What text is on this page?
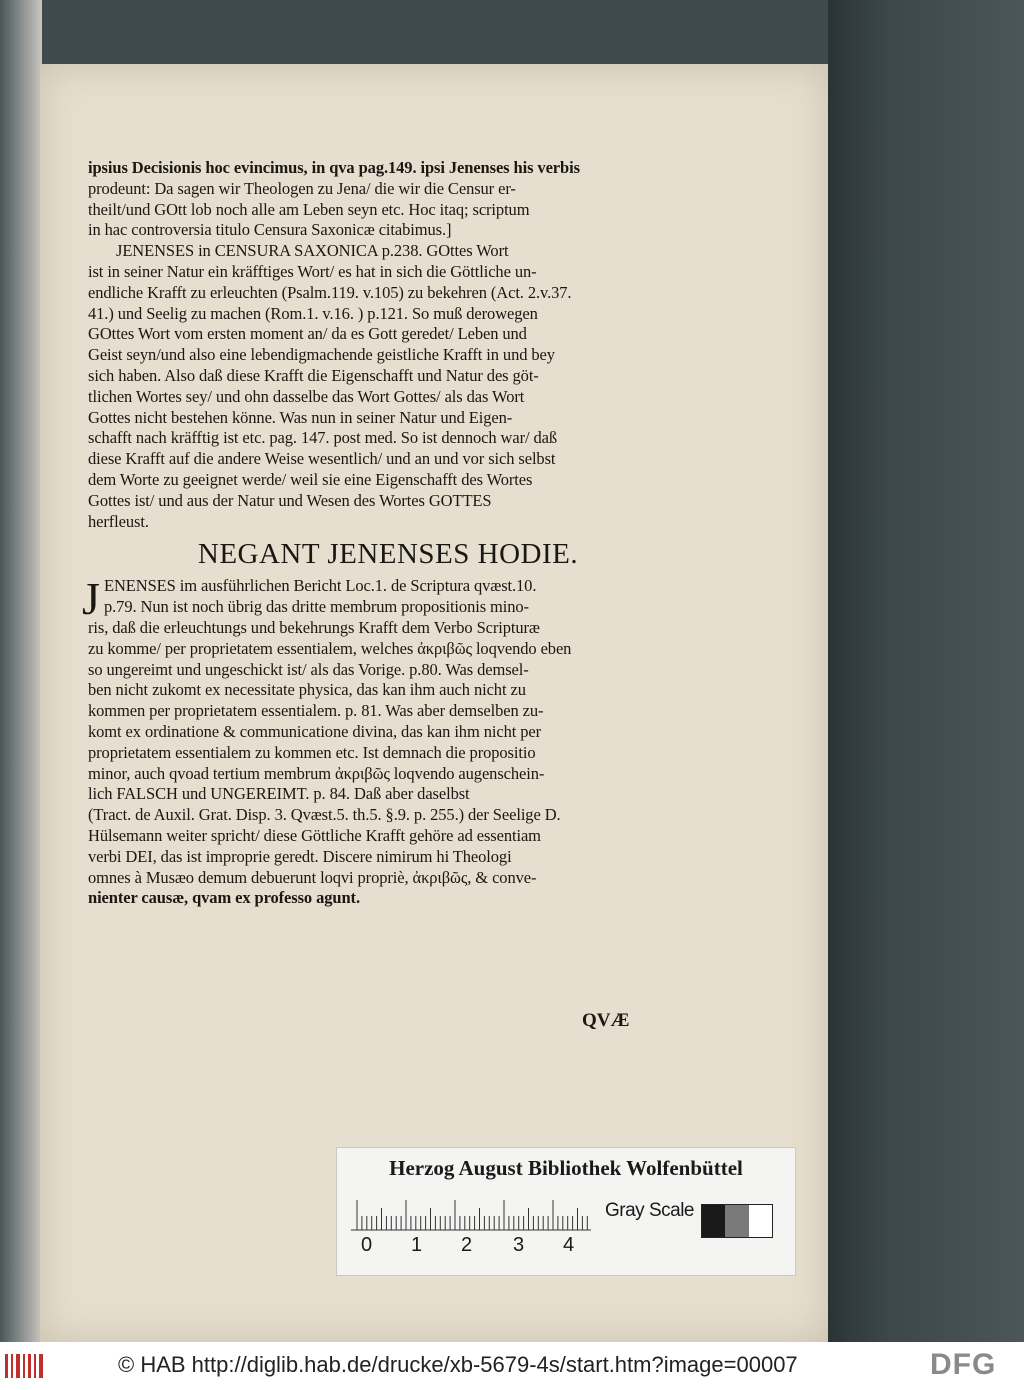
ipsius Decisionis hoc evincimus, in qva pag.149. ipsi Jenenses his verbis
prodeunt: Da sagen wir Theologen zu Jena/ die wir die Censur er-
theilt/und GOtt lob noch alle am Leben seyn etc. Hoc itaq; scriptum
in hac controversia titulo Censura Saxonicæ citabimus.]
JENENSES in CENSURA SAXONICA p.238. GOttes Wort
ist in seiner Natur ein kräfftiges Wort/ es hat in sich die Göttliche un-
endliche Krafft zu erleuchten (Psalm.119. v.105) zu bekehren (Act. 2.v.37.
41.) und Seelig zu machen (Rom.1. v.16. ) p.121. So muß derowegen
GOttes Wort vom ersten moment an/ da es Gott geredet/ Leben und
Geist seyn/und also eine lebendigmachende geistliche Krafft in und bey
sich haben. Also daß diese Krafft die Eigenschafft und Natur des göt-
tlichen Wortes sey/ und ohn dasselbe das Wort Gottes/ als das Wort
Gottes nicht bestehen könne. Was nun in seiner Natur und Eigen-
schafft nach kräfftig ist etc. pag. 147. post med. So ist dennoch war/ daß
diese Krafft auf die andere Weise wesentlich/ und an und vor sich selbst
dem Worte zu geeignet werde/ weil sie eine Eigenschafft des Wortes
Gottes ist/ und aus der Natur und Wesen des Wortes GOTTES
herfleust.
NEGANT JENENSES HODIE.
J ENENSES im ausführlichen Bericht Loc.1. de Scriptura qvæst.10.
p.79. Nun ist noch übrig das dritte membrum propositionis mino-
ris, daß die erleuchtungs und bekehrungs Krafft dem Verbo Scripturæ
zu komme/ per proprietatem essentialem, welches ἀκριβῶς loqvendo eben
so ungereimt und ungeschickt ist/ als das Vorige. p.80. Was demsel-
ben nicht zukomt ex necessitate physica, das kan ihm auch nicht zu
kommen per proprietatem essentialem. p. 81. Was aber demselben zu-
komt ex ordinatione & communicatione divina, das kan ihm nicht per
proprietatem essentialem zu kommen etc. Ist demnach die propositio
minor, auch qvoad tertium membrum ἀκριβῶς loqvendo augenschein-
lich FALSCH und UNGEREIMT. p. 84. Daß aber daselbst
(Tract. de Auxil. Grat. Disp. 3. Qvæst.5. th.5. §.9. p. 255.) der Seelige D.
Hülsemann weiter spricht/ diese Göttliche Krafft gehöre ad essentiam
verbi DEI, das ist improprie geredt. Discere nimirum hi Theologi
omnes à Musæo demum debuerunt loqvi propriè, ἀκριβῶς, & conve-
nienter causæ, qvam ex professo agunt.
QVÆ
Herzog August Bibliothek Wolfenbüttel
0 1 2 3 4
Gray Scale
© HAB http://diglib.hab.de/drucke/xb-5679-4s/start.htm?image=00007	DFG
